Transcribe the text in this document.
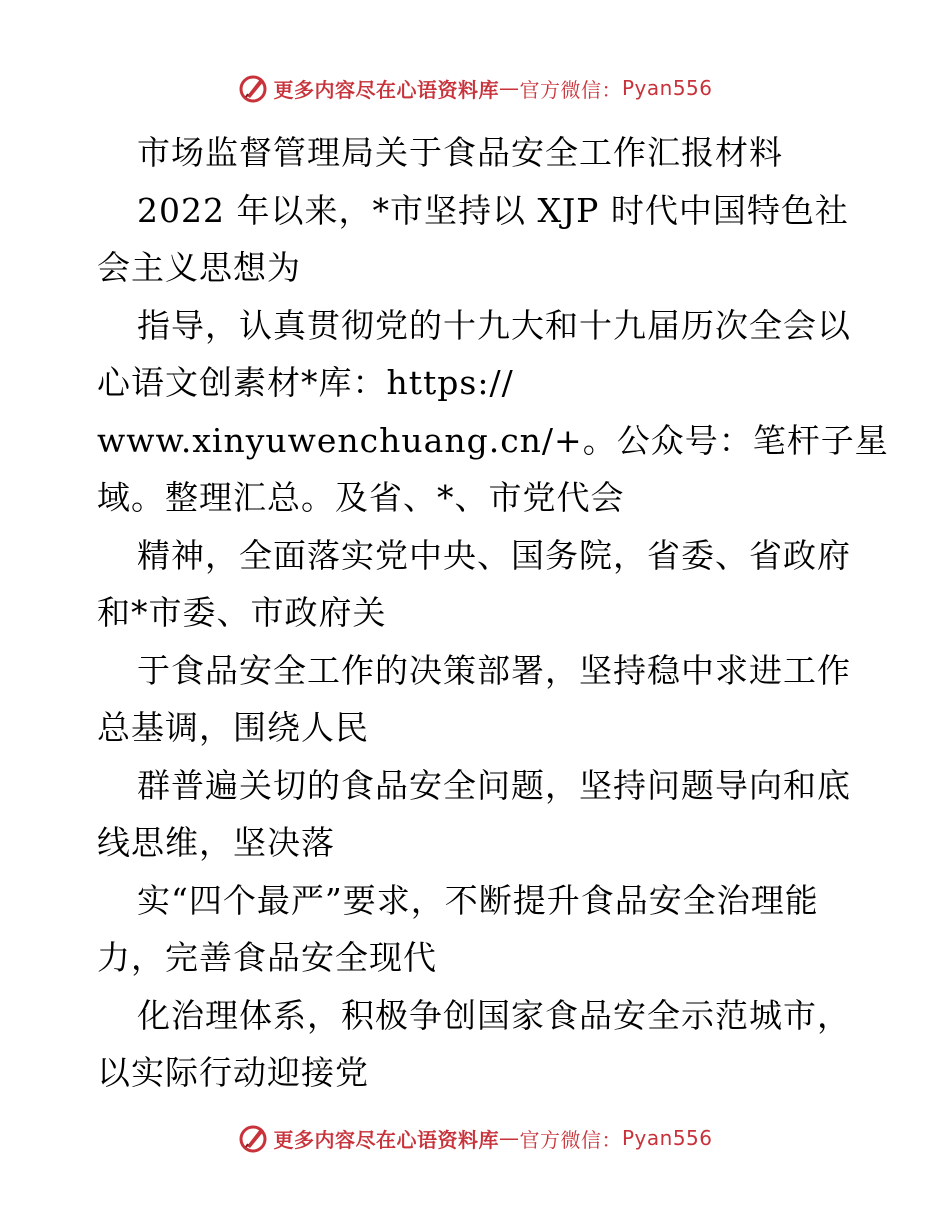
更多内容尽在心语资料库 — 官方微信： Pyan556
市场监督管理局关于食品安全工作汇报材料
2022 年以来，*市坚持以 XJP 时代中国特色社
会主义思想为
指导，认真贯彻党的十九大和十九届历次全会以
心语文创素材*库：https://
www.xinyuwenchuang.cn/+。公众号：笔杆子星
域。整理汇总。及省、*、市党代会
精神，全面落实党中央、国务院，省委、省政府
和*市委、市政府关
于食品安全工作的决策部署，坚持稳中求进工作
总基调，围绕人民
群普遍关切的食品安全问题，坚持问题导向和底
线思维，坚决落
实“四个最严”要求，不断提升食品安全治理能
力，完善食品安全现代
化治理体系，积极争创国家食品安全示范城市，
以实际行动迎接党
更多内容尽在心语资料库 — 官方微信： Pyan556
